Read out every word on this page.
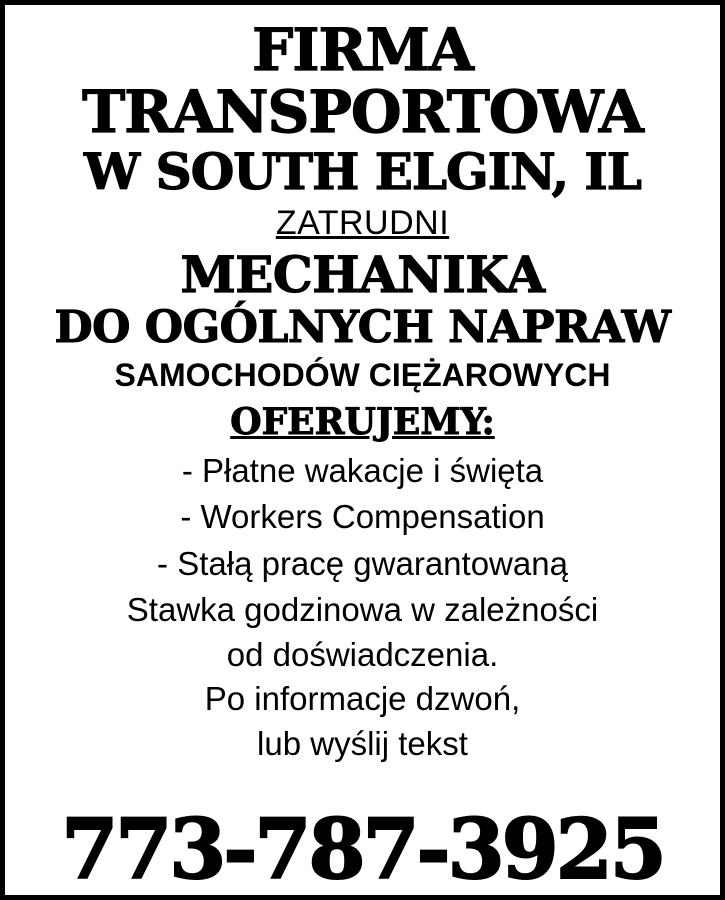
FIRMA
TRANSPORTOWA
W SOUTH ELGIN, IL
ZATRUDNI
MECHANIKA
DO OGÓLNYCH NAPRAW
SAMOCHODÓW CIĘŻAROWYCH
OFERUJEMY:
- Płatne wakacje i święta
- Workers Compensation
- Stałą pracę gwarantowaną
Stawka godzinowa w zależności
od doświadczenia.
Po informacje dzwoń,
lub wyślij tekst
773-787-3925
